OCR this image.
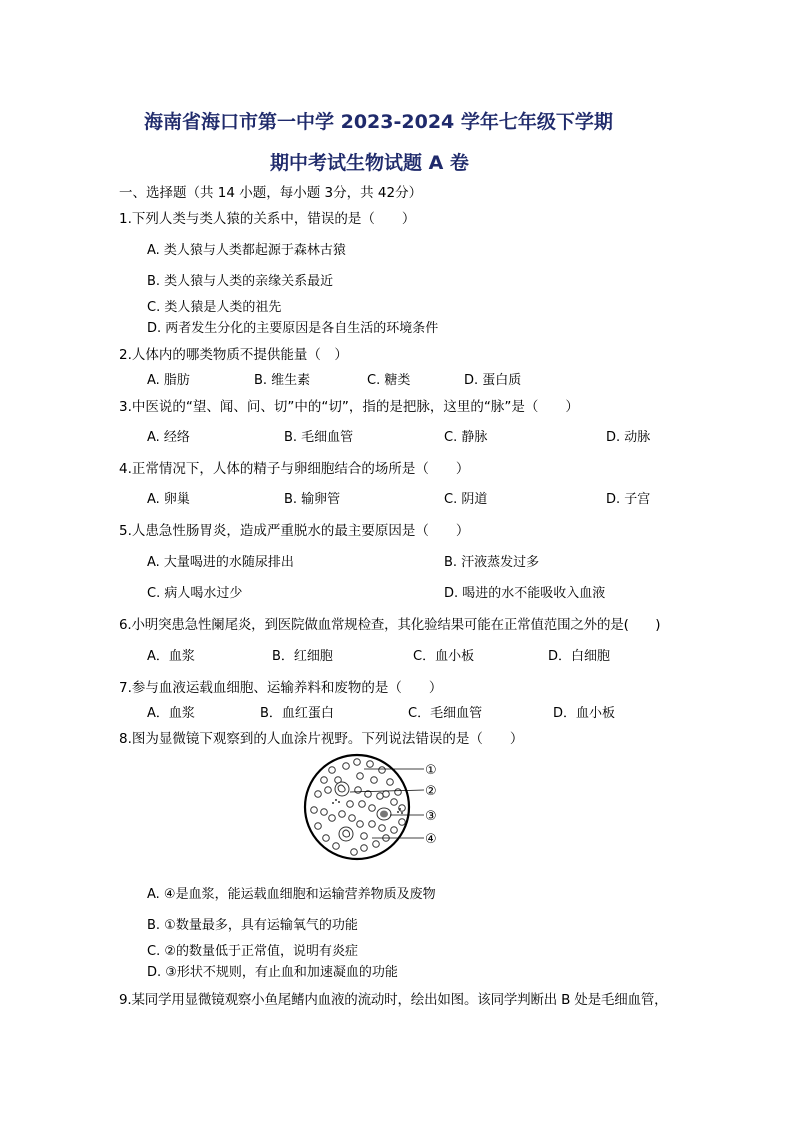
海南省海口市第一中学 2023-2024 学年七年级下学期
期中考试生物试题 A 卷
一、选择题（共 14 小题，每小题 3分，共 42分）
1.下列人类与类人猿的关系中，错误的是（　　）
A. 类人猿与人类都起源于森林古猿
B. 类人猿与人类的亲缘关系最近
C. 类人猿是人类的祖先
D. 两者发生分化的主要原因是各自生活的环境条件
2.人体内的哪类物质不提供能量（　）
A. 脂肪	B. 维生素	C. 糖类	D. 蛋白质
3.中医说的“望、闻、问、切”中的“切”，指的是把脉，这里的“脉”是（　　）
A. 经络	B. 毛细血管	C. 静脉	D. 动脉
4.正常情况下，人体的精子与卵细胞结合的场所是（　　）
A. 卵巢	B. 输卵管	C. 阴道	D. 子宫
5.人患急性肠胃炎，造成严重脱水的最主要原因是（　　）
A. 大量喝进的水随尿排出	B. 汗液蒸发过多
C. 病人喝水过少	D. 喝进的水不能吸收入血液
6.小明突患急性阑尾炎，到医院做血常规检查，其化验结果可能在正常值范围之外的是(　　)
A．血浆	B．红细胞	C．血小板	D．白细胞
7.参与血液运载血细胞、运输养料和废物的是（　　）
A．血浆	B．血红蛋白	C．毛细血管	D．血小板
8.图为显微镜下观察到的人血涂片视野。下列说法错误的是（　　）
①
②
③
④
A. ④是血浆，能运载血细胞和运输营养物质及废物
B. ①数量最多，具有运输氧气的功能
C. ②的数量低于正常值，说明有炎症
D. ③形状不规则，有止血和加速凝血的功能
9.某同学用显微镜观察小鱼尾鳍内血液的流动时，绘出如图。该同学判断出 B 处是毛细血管，
